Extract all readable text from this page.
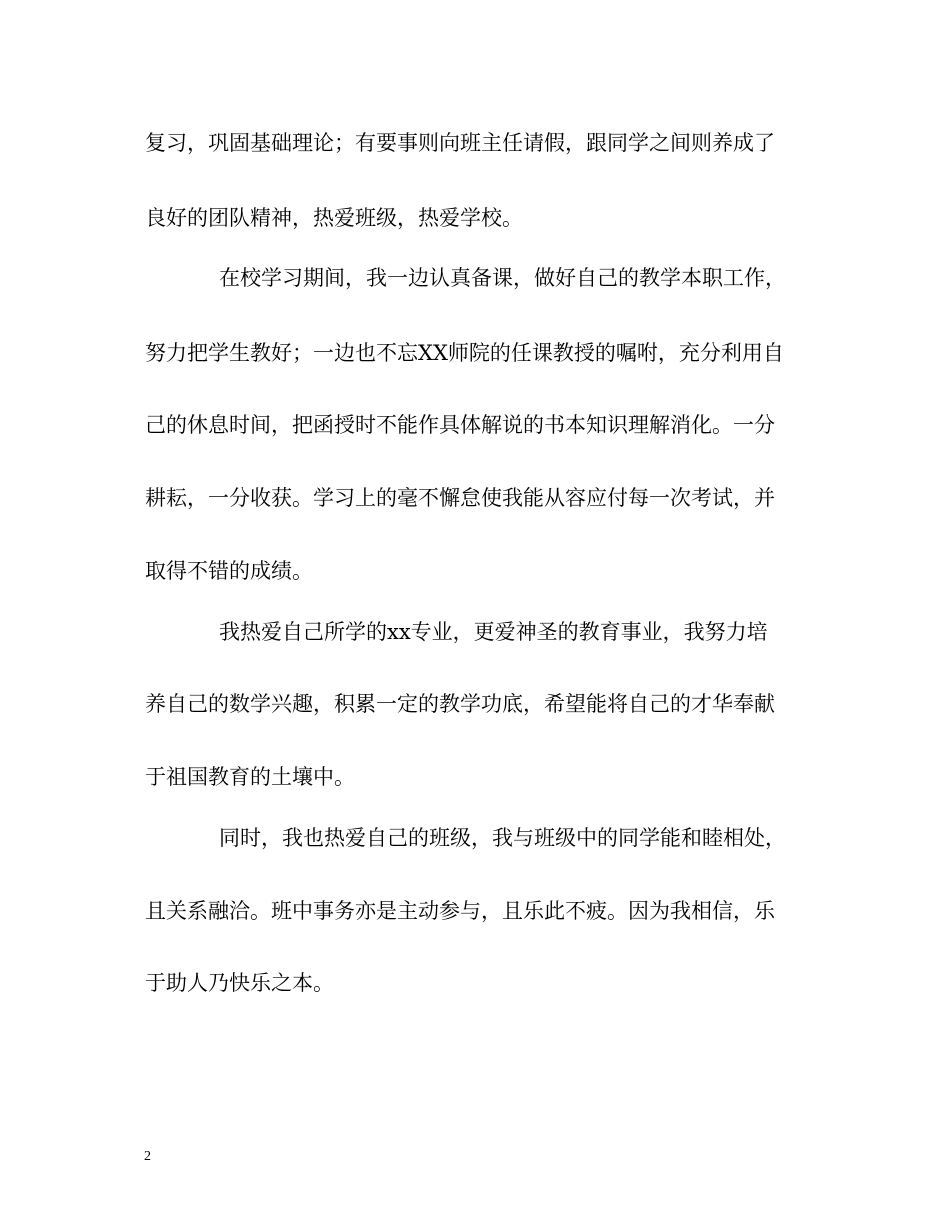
复习，巩固基础理论；有要事则向班主任请假，跟同学之间则养成了
良好的团队精神，热爱班级，热爱学校。
在校学习期间，我一边认真备课，做好自己的教学本职工作，
努力把学生教好；一边也不忘XX师院的任课教授的嘱咐，充分利用自
己的休息时间，把函授时不能作具体解说的书本知识理解消化。一分
耕耘，一分收获。学习上的毫不懈怠使我能从容应付每一次考试，并
取得不错的成绩。
我热爱自己所学的xx专业，更爱神圣的教育事业，我努力培
养自己的数学兴趣，积累一定的教学功底，希望能将自己的才华奉献
于祖国教育的土壤中。
同时，我也热爱自己的班级，我与班级中的同学能和睦相处，
且关系融洽。班中事务亦是主动参与，且乐此不疲。因为我相信，乐
于助人乃快乐之本。
2
